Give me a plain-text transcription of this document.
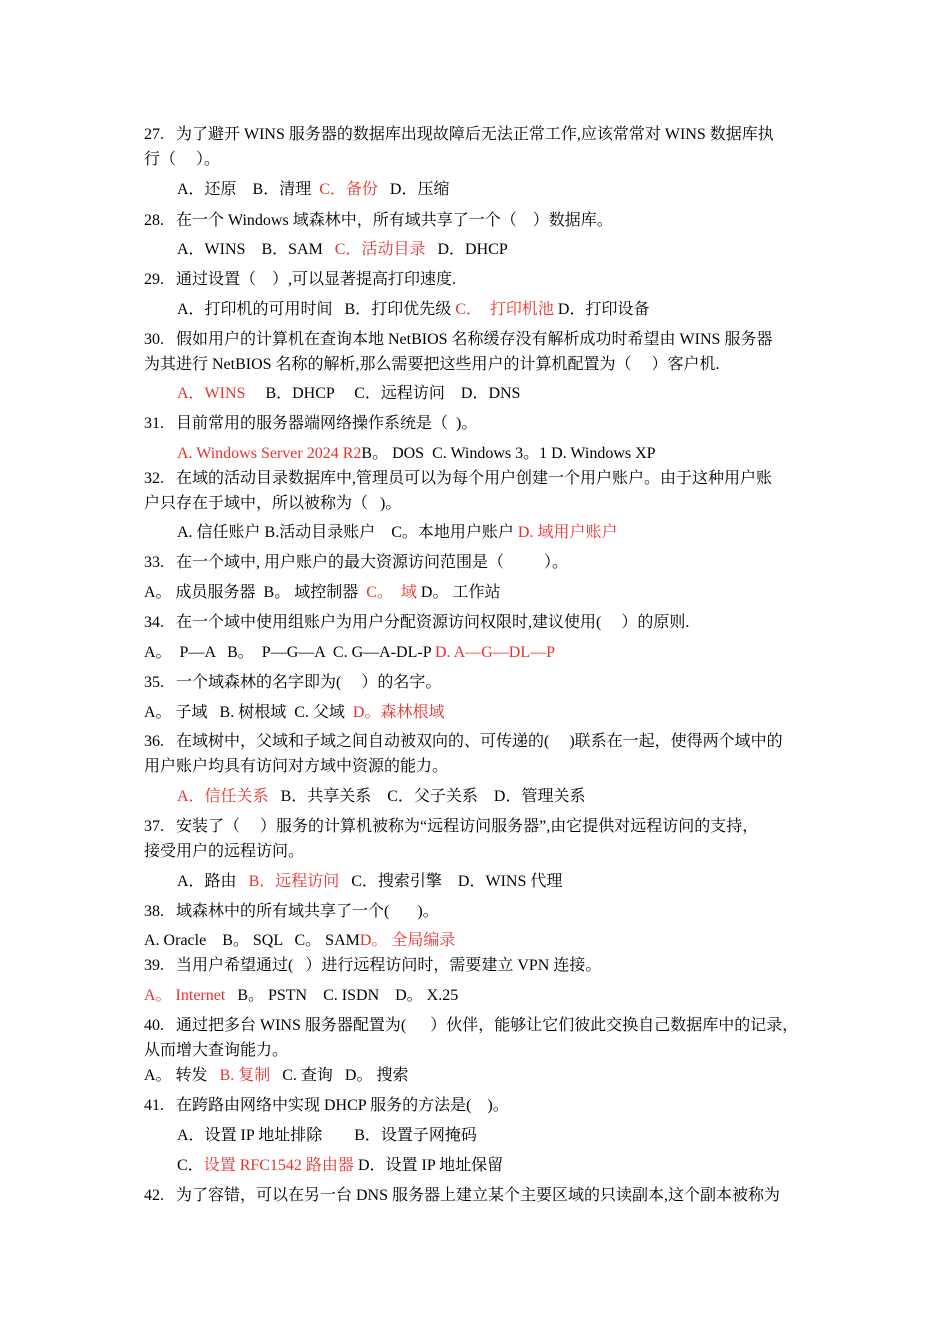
27.   为了避开 WINS 服务器的数据库出现故障后无法正常工作,应该常常对 WINS 数据库执
行（     ）。
A．还原    B．清理  C．备份   D．压缩
28.   在一个 Windows 域森林中，所有域共享了一个（    ）数据库。
A．WINS    B．SAM   C．活动目录   D．DHCP
29.   通过设置（    ）,可以显著提高打印速度.
A．打印机的可用时间   B．打印优先级 C．  打印机池 D．打印设备
30.   假如用户的计算机在查询本地 NetBIOS 名称缓存没有解析成功时希望由 WINS 服务器
为其进行 NetBIOS 名称的解析,那么需要把这些用户的计算机配置为（     ）客户机.
A．WINS     B．DHCP     C．远程访问    D．DNS
31.   目前常用的服务器端网络操作系统是（  )。
A. Windows Server 2024 R2B。 DOS  C. Windows 3。1 D. Windows XP
32.   在域的活动目录数据库中,管理员可以为每个用户创建一个用户账户。由于这种用户账
户只存在于域中，所以被称为（   )。
A. 信任账户 B.活动目录账户    C。本地用户账户 D. 域用户账户
33.   在一个域中, 用户账户的最大资源访问范围是（          ）。
A。 成员服务器  B。 域控制器  C。  域 D。 工作站
34.   在一个域中使用组账户为用户分配资源访问权限时,建议使用(     ）的原则.
A。  P—A   B。  P—G—A  C. G—A-DL-P D. A—G—DL—P
35.   一个域森林的名字即为(     ）的名字。
A。 子域   B. 树根域  C. 父域  D。森林根域
36.   在域树中，父域和子域之间自动被双向的、可传递的(     )联系在一起，使得两个域中的
用户账户均具有访问对方域中资源的能力。
A．信任关系   B．共享关系    C．父子关系    D．管理关系
37.   安装了（     ）服务的计算机被称为“远程访问服务器”,由它提供对远程访问的支持，
接受用户的远程访问。
A．路由   B．远程访问   C．搜索引擎    D．WINS 代理
38.   域森林中的所有域共享了一个(       )。
A. Oracle    B。 SQL   C。 SAMD。 全局编录
39.   当用户希望通过(   ）进行远程访问时，需要建立 VPN 连接。
A。 Internet   B。 PSTN    C. ISDN    D。 X.25
40.   通过把多台 WINS 服务器配置为(      ）伙伴，能够让它们彼此交换自己数据库中的记录，
从而增大查询能力。
A。 转发   B. 复制   C. 查询   D。 搜索
41.   在跨路由网络中实现 DHCP 服务的方法是(    )。
A．设置 IP 地址排除        B．设置子网掩码
C．设置 RFC1542 路由器 D．设置 IP 地址保留
42.   为了容错，可以在另一台 DNS 服务器上建立某个主要区域的只读副本,这个副本被称为
